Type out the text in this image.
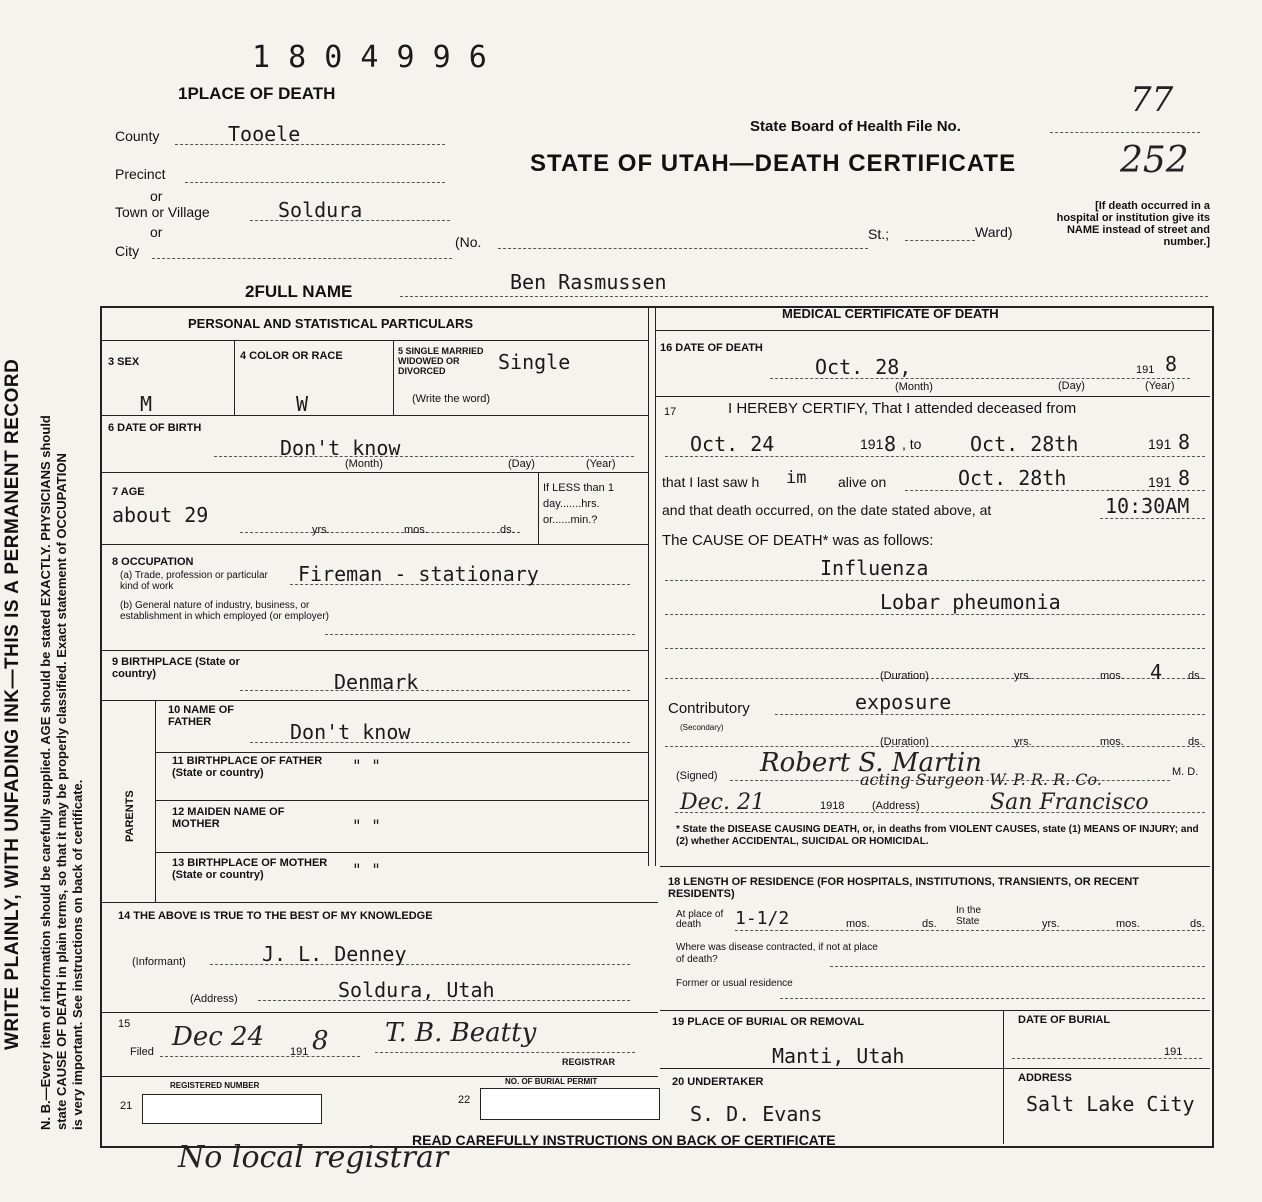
WRITE PLAINLY, WITH UNFADING INK—THIS IS A PERMANENT RECORD N. B.—Every item of information should be carefully supplied. AGE should be stated EXACTLY. PHYSICIANS should state CAUSE OF DEATH in plain terms, so that it may be properly classified. Exact statement of OCCUPATION is very important. See instructions on back of certificate.
1 8 0 4 9 9 6
1PLACE OF DEATH
County	Tooele
Precinct
or
Town or Village	Soldura
or
City
(No.	St.;	Ward)
State Board of Health File No.
77
STATE OF UTAH—DEATH CERTIFICATE	252
[If death occurred in a hospital or institution give its NAME instead of street and number.]
2FULL NAME	Ben Rasmussen
PERSONAL AND STATISTICAL PARTICULARS
3 SEX
M
4 COLOR OR RACE
W
5 SINGLE MARRIED WIDOWED OR DIVORCED
(Write the word)
Single
6 DATE OF BIRTH
Don't know
(Month)	(Day)	(Year)
7 AGE
about 29
yrs.	mos.	ds.
If LESS than 1 day.......hrs. or......min.?
8 OCCUPATION
(a) Trade, profession or particular kind of work
Fireman - stationary
(b) General nature of industry, business, or establishment in which employed (or employer)
9 BIRTHPLACE (State or country)	Denmark
PARENTS
10 NAME OF FATHER	Don't know
11 BIRTHPLACE OF FATHER (State or country)	" "
12 MAIDEN NAME OF MOTHER	" "
13 BIRTHPLACE OF MOTHER (State or country)	" "
14 THE ABOVE IS TRUE TO THE BEST OF MY KNOWLEDGE
(Informant)	J. L. Denney
(Address)	Soldura, Utah
15
Filed Dec 24 191 8 T. B. Beatty
REGISTRAR
REGISTERED NUMBER
21
NO. OF BURIAL PERMIT
22
MEDICAL CERTIFICATE OF DEATH
16 DATE OF DEATH
Oct. 28,	191 8
(Month)	(Day)	(Year)
17	I HEREBY CERTIFY, That I attended deceased from
Oct. 24	191 8 , to Oct. 28th	191 8
that I last saw h im alive on	Oct. 28th	191 8
and that death occurred, on the date stated above, at	10:30AM
The CAUSE OF DEATH* was as follows:
Influenza
Lobar pheumonia
(Duration)	yrs.	mos. 4 ds.
Contributory
(Secondary)
exposure
(Duration)	yrs.	mos.	ds.
(Signed) Robert S. Martin	M. D.
acting Surgeon W. P. R. R. Co.
Dec. 21	1918	(Address)	San Francisco
* State the DISEASE CAUSING DEATH, or, in deaths from VIOLENT CAUSES, state (1) MEANS OF INJURY; and (2) whether ACCIDENTAL, SUICIDAL OR HOMICIDAL.
18 LENGTH OF RESIDENCE (FOR HOSPITALS, INSTITUTIONS, TRANSIENTS, OR RECENT RESIDENTS)
At place of death	1-1/2	mos.	ds.
In the State	yrs.	mos.	ds.
Where was disease contracted, if not at place of death?
Former or usual residence
19 PLACE OF BURIAL OR REMOVAL
Manti, Utah
DATE OF BURIAL
191
20 UNDERTAKER
S. D. Evans
ADDRESS
Salt Lake City
READ CAREFULLY INSTRUCTIONS ON BACK OF CERTIFICATE
No local registrar
